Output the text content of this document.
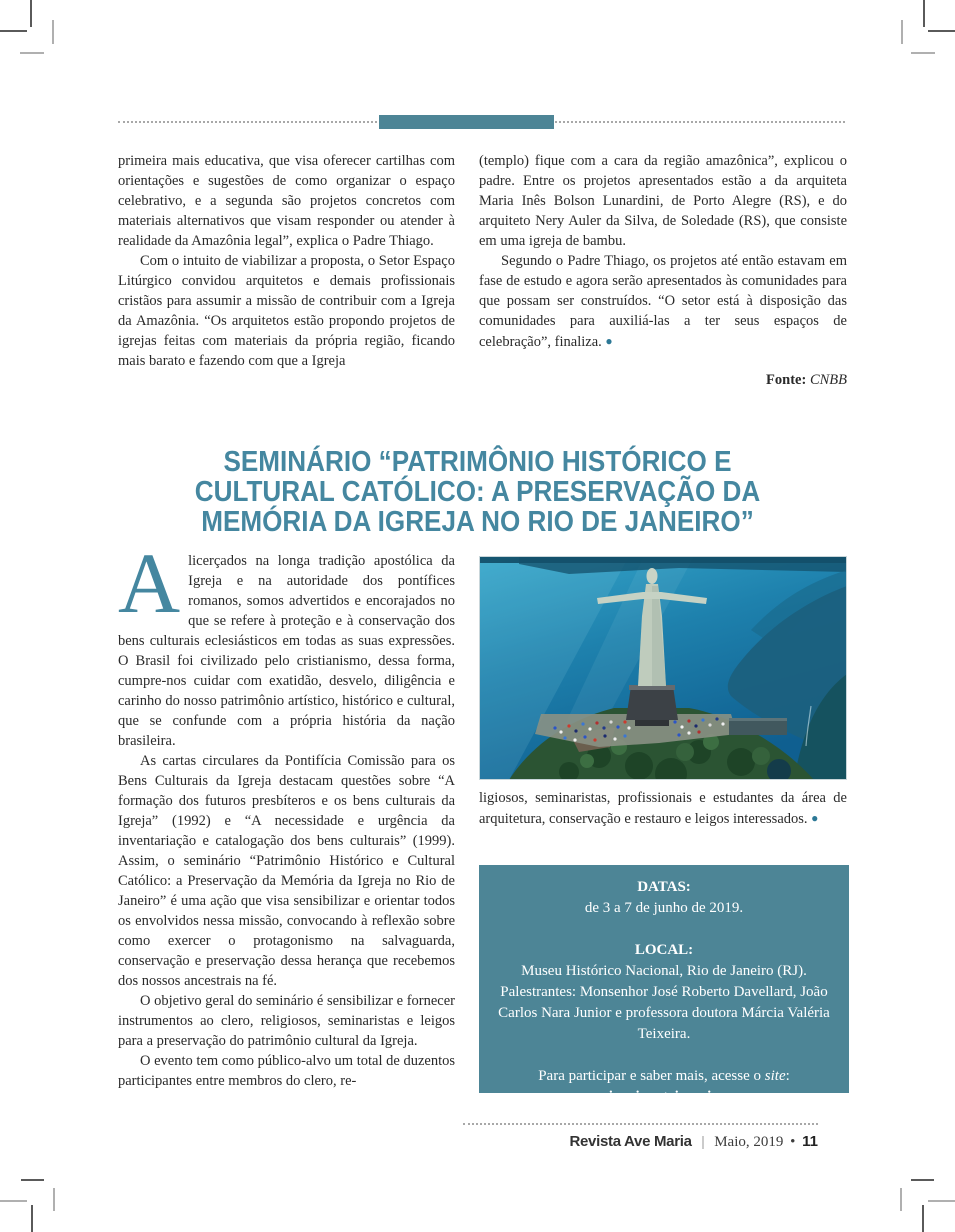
primeira mais educativa, que visa oferecer cartilhas com orientações e sugestões de como organizar o espaço celebrativo, e a segunda são projetos concretos com materiais alternativos que visam responder ou atender à realidade da Amazônia legal”, explica o Padre Thiago.

Com o intuito de viabilizar a proposta, o Setor Espaço Litúrgico convidou arquitetos e demais profissionais cristãos para assumir a missão de contribuir com a Igreja da Amazônia. “Os arquitetos estão propondo projetos de igrejas feitas com materiais da própria região, ficando mais barato e fazendo com que a Igreja

(templo) fique com a cara da região amazônica”, explicou o padre. Entre os projetos apresentados estão a da arquiteta Maria Inês Bolson Lunardini, de Porto Alegre (RS), e do arquiteto Nery Auler da Silva, de Soledade (RS), que consiste em uma igreja de bambu.

Segundo o Padre Thiago, os projetos até então estavam em fase de estudo e agora serão apresentados às comunidades para que possam ser construídos. “O setor está à disposição das comunidades para auxiliá-las a ter seus espaços de celebração”, finaliza. ●

Fonte: CNBB
SEMINÁRIO “PATRIMÔNIO HISTÓRICO E
CULTURAL CATÓLICO: A PRESERVAÇÃO DA
MEMÓRIA DA IGREJA NO RIO DE JANEIRO”

Alicerçados na longa tradição apostólica da Igreja e na autoridade dos pontífices romanos, somos advertidos e encorajados no que se refere à proteção e à conservação dos bens culturais eclesiásticos em todas as suas expressões. O Brasil foi civilizado pelo cristianismo, dessa forma, cumpre-nos cuidar com exatidão, desvelo, diligência e carinho do nosso patrimônio artístico, histórico e cultural, que se confunde com a própria história da nação brasileira.

As cartas circulares da Pontifícia Comissão para os Bens Culturais da Igreja destacam questões sobre “A formação dos futuros presbíteros e os bens culturais da Igreja” (1992) e “A necessidade e urgência da inventariação e catalogação dos bens culturais” (1999). Assim, o seminário “Patrimônio Histórico e Cultural Católico: a Preservação da Memória da Igreja no Rio de Janeiro” é uma ação que visa sensibilizar e orientar todos os envolvidos nessa missão, convocando à reflexão sobre como exercer o protagonismo na salvaguarda, conservação e preservação dessa herança que recebemos dos nossos ancestrais na fé.

O objetivo geral do seminário é sensibilizar e fornecer instrumentos ao clero, religiosos, seminaristas e leigos para a preservação do patrimônio cultural da Igreja.

O evento tem como público-alvo um total de duzentos participantes entre membros do clero, re-

ligiosos, seminaristas, profissionais e estudantes da área de arquitetura, conservação e restauro e leigos interessados. ●

DATAS:
de 3 a 7 de junho de 2019.
LOCAL:
Museu Histórico Nacional, Rio de Janeiro (RJ). Palestrantes: Monsenhor José Roberto Davellard, João Carlos Nara Junior e professora doutora Márcia Valéria Teixeira.
Para participar e saber mais, acesse o site:
seminariopatrimonio.org
Revista Ave Maria | Maio, 2019 • 11
